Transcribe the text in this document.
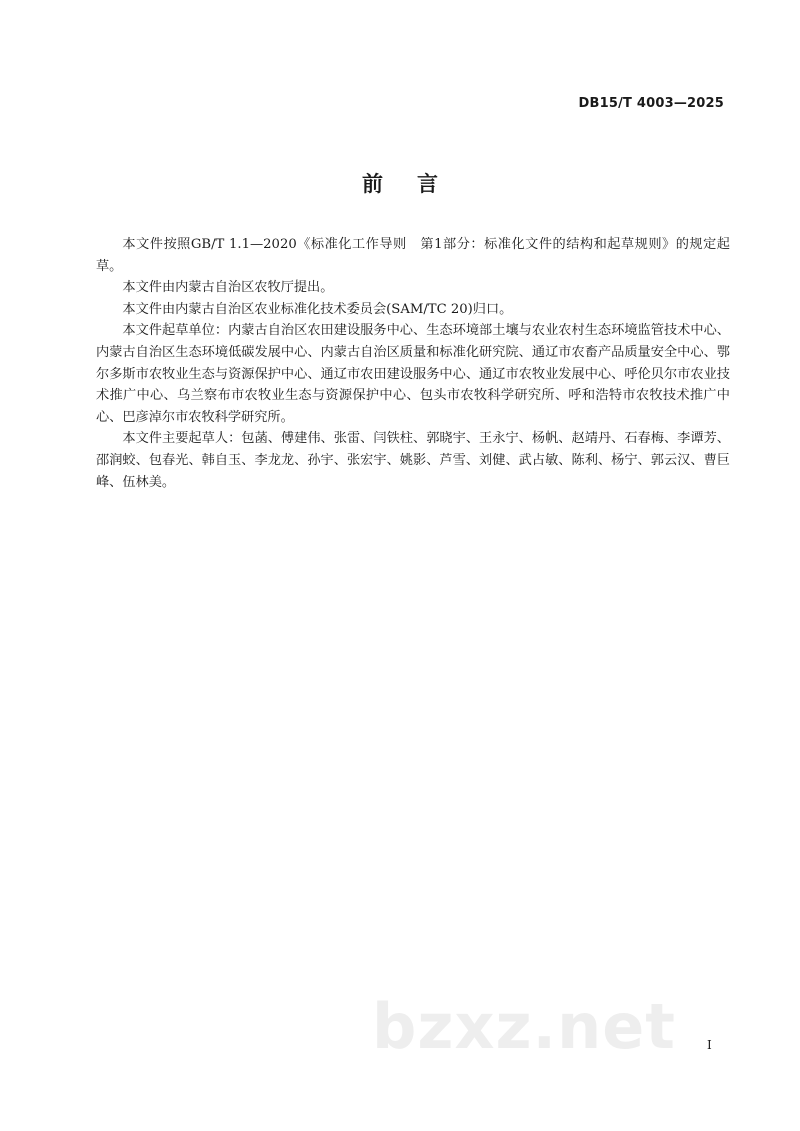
DB15/T 4003—2025
前言

本文件按照GB/T 1.1—2020《标准化工作导则　第1部分：标准化文件的结构和起草规则》的规定起草。

本文件由内蒙古自治区农牧厅提出。

本文件由内蒙古自治区农业标准化技术委员会(SAM/TC 20)归口。

本文件起草单位：内蒙古自治区农田建设服务中心、生态环境部土壤与农业农村生态环境监管技术中心、内蒙古自治区生态环境低碳发展中心、内蒙古自治区质量和标准化研究院、通辽市农畜产品质量安全中心、鄂尔多斯市农牧业生态与资源保护中心、通辽市农田建设服务中心、通辽市农牧业发展中心、呼伦贝尔市农业技术推广中心、乌兰察布市农牧业生态与资源保护中心、包头市农牧科学研究所、呼和浩特市农牧技术推广中心、巴彦淖尔市农牧科学研究所。

本文件主要起草人：包菡、傅建伟、张雷、闫铁柱、郭晓宇、王永宁、杨帆、赵靖丹、石春梅、李谭芳、邵润蛟、包春光、韩自玉、李龙龙、孙宇、张宏宇、姚影、芦雪、刘健、武占敏、陈利、杨宁、郭云汉、曹巨峰、伍林美。

bzxz.net	I
